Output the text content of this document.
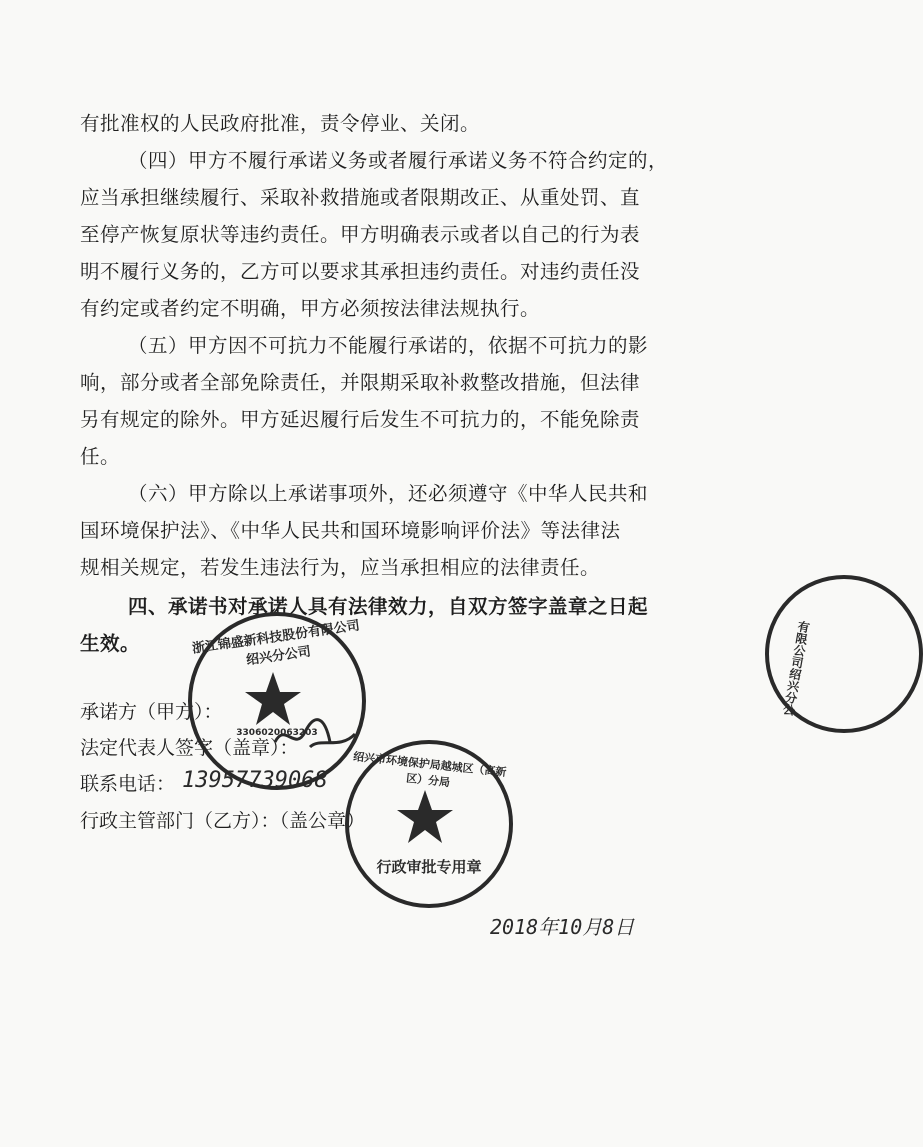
有批准权的人民政府批准，责令停业、关闭。
（四）甲方不履行承诺义务或者履行承诺义务不符合约定的，
应当承担继续履行、采取补救措施或者限期改正、从重处罚、直
至停产恢复原状等违约责任。甲方明确表示或者以自己的行为表
明不履行义务的，乙方可以要求其承担违约责任。对违约责任没
有约定或者约定不明确，甲方必须按法律法规执行。
（五）甲方因不可抗力不能履行承诺的，依据不可抗力的影
响，部分或者全部免除责任，并限期采取补救整改措施，但法律
另有规定的除外。甲方延迟履行后发生不可抗力的，不能免除责
任。
（六）甲方除以上承诺事项外，还必须遵守《中华人民共和
国环境保护法》、《中华人民共和国环境影响评价法》等法律法
规相关规定，若发生违法行为，应当承担相应的法律责任。
四、承诺书对承诺人具有法律效力，自双方签字盖章之日起
生效。
承诺方（甲方）：
法定代表人签字（盖章）：
联系电话： 13957739068
行政主管部门（乙方）：（盖公章）
2018年10月8日
浙江锦盛新科技股份有限公司绍兴分公司
3306020063203
绍兴市环境保护局越城区（高新区）分局
行政审批专用章
有限公司绍兴分公
